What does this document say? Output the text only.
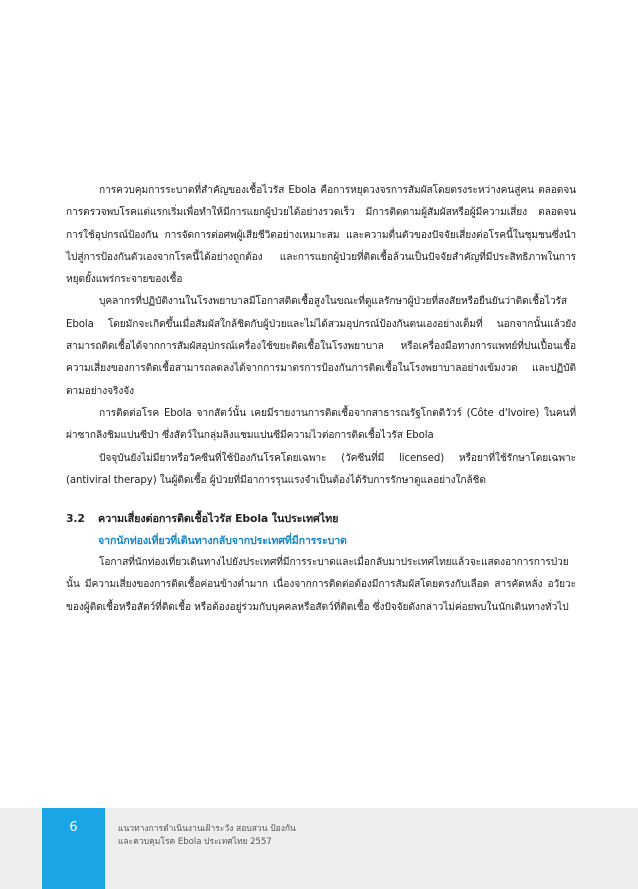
การควบคุมการระบาดที่สำคัญของเชื้อไวรัส Ebola คือการหยุดวงจรการสัมผัสโดยตรงระหว่างคนสู่คน ตลอดจนการตรวจพบโรคแต่แรกเริ่มเพื่อทำให้มีการแยกผู้ป่วยได้อย่างรวดเร็ว มีการติดตามผู้สัมผัสหรือผู้มีความเสี่ยง ตลอดจนการใช้อุปกรณ์ป้องกัน การจัดการต่อศพผู้เสียชีวิตอย่างเหมาะสม และความตื่นตัวของปัจจัยเสี่ยงต่อโรคนี้ในชุมชนซึ่งนำไปสู่การป้องกันตัวเองจากโรคนี้ได้อย่างถูกต้อง และการแยกผู้ป่วยที่ติดเชื้อล้วนเป็นปัจจัยสำคัญที่มีประสิทธิภาพในการหยุดยั้งแพร่กระจายของเชื้อ

บุคลากรที่ปฏิบัติงานในโรงพยาบาลมีโอกาสติดเชื้อสูงในขณะที่ดูแลรักษาผู้ป่วยที่สงสัยหรือยืนยันว่าติดเชื้อไวรัส Ebola โดยมักจะเกิดขึ้นเมื่อสัมผัสใกล้ชิดกับผู้ป่วยและไม่ได้สวมอุปกรณ์ป้องกันตนเองอย่างเต็มที่ นอกจากนั้นแล้วยังสามารถติดเชื้อได้จากการสัมผัสอุปกรณ์เครื่องใช้ขยะติดเชื้อในโรงพยาบาล หรือเครื่องมือทางการแพทย์ที่ปนเปื้อนเชื้อ ความเสี่ยงของการติดเชื้อสามารถลดลงได้จากการมาตรการป้องกันการติดเชื้อในโรงพยาบาลอย่างเข้มงวด และปฏิบัติตามอย่างจริงจัง

การติดต่อโรค Ebola จากสัตว์นั้น เคยมีรายงานการติดเชื้อจากสาธารณรัฐโกตดิวัวร์ (Côte d'Ivoire) ในคนที่ผ่าซากลิงชิมแปนซีป่า ซึ่งสัตว์ในกลุ่มลิงแชมแปนซีมีความไวต่อการติดเชื้อไวรัส Ebola

ปัจจุบันยังไม่มียาหรือวัคซีนที่ใช้ป้องกันโรคโดยเฉพาะ (วัคซีนที่มี licensed) หรือยาที่ใช้รักษาโดยเฉพาะ (antiviral therapy) ในผู้ติดเชื้อ ผู้ป่วยที่มีอาการรุนแรงจำเป็นต้องได้รับการรักษาดูแลอย่างใกล้ชิด

3.2	ความเสี่ยงต่อการติดเชื้อไวรัส Ebola ในประเทศไทย
จากนักท่องเที่ยวที่เดินทางกลับจากประเทศที่มีการระบาด

โอกาสที่นักท่องเที่ยวเดินทางไปยังประเทศที่มีการระบาดและเมื่อกลับมาประเทศไทยแล้วจะแสดงอาการการป่วยนั้น มีความเสี่ยงของการติดเชื้อค่อนข้างต่ำมาก เนื่องจากการติดต่อต้องมีการสัมผัสโดยตรงกับเลือด สารคัดหลั่ง อวัยวะของผู้ติดเชื้อหรือสัตว์ที่ติดเชื้อ หรือต้องอยู่ร่วมกับบุคคลหรือสัตว์ที่ติดเชื้อ ซึ่งปัจจัยดังกล่าวไม่ค่อยพบในนักเดินทางทั่วไป

6	แนวทางการดำเนินงานเฝ้าระวัง สอบสวน ป้องกัน
และควบคุมโรค Ebola ประเทศไทย 2557
